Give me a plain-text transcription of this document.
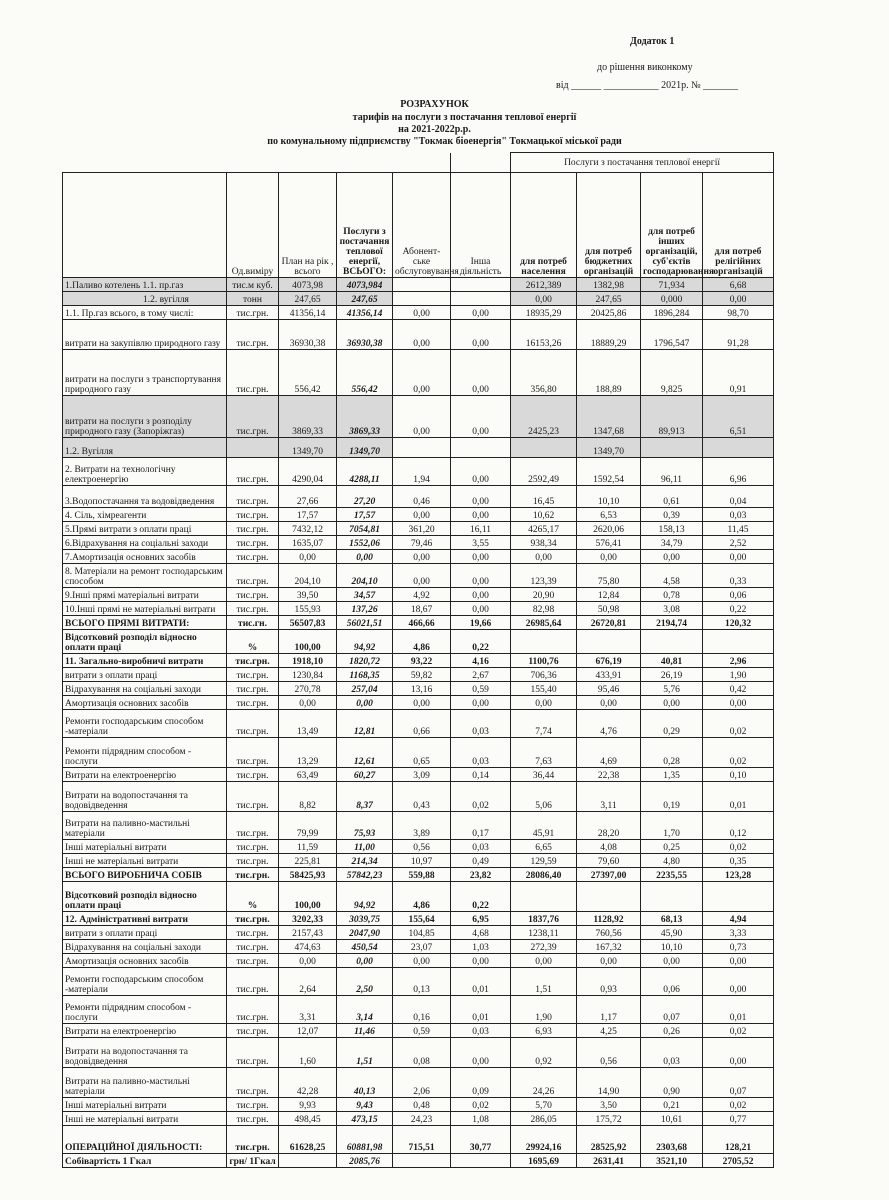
Додаток 1
до рішення виконкому
від ______ ___________ 2021р. № _______
РОЗРАХУНОК
тарифів на послуги з постачання теплової енергії
на 2021-2022р.р.
по комунальному підприємству "Токмак біоенергія" Токмацької міської ради
						Послуги з постачання теплової енергії			
	Од.виміру	План на рік , всього	Послуги з постачання теплової енергії, ВСЬОГО:	Абонент-ське обслуговування	Інша діяльність	для потреб населення	для потреб бюджетних організацій	для потреб інших організацій, суб'єктів господарювання	для потреб релігійних організацій
1.Паливо котелень 1.1. пр.газ	тис.м куб.	4073,98	4073,984			2612,389	1382,98	71,934	6,68
1.2. вугілля	тонн	247,65	247,65			0,00	247,65	0,000	0,00
1.1. Пр.газ всього, в тому числі:	тис.грн.	41356,14	41356,14	0,00	0,00	18935,29	20425,86	1896,284	98,70
витрати на закупівлю природного газу	тис.грн.	36930,38	36930,38	0,00	0,00	16153,26	18889,29	1796,547	91,28
витрати на послуги з транспортування природного газу	тис.грн.	556,42	556,42	0,00	0,00	356,80	188,89	9,825	0,91
витрати на послуги з розподілу природного газу (Запоріжгаз)	тис.грн.	3869,33	3869,33	0,00	0,00	2425,23	1347,68	89,913	6,51
1.2. Вугілля		1349,70	1349,70				1349,70		
2. Витрати на технологічну електроенергію	тис.грн.	4290,04	4288,11	1,94	0,00	2592,49	1592,54	96,11	6,96
3.Водопостачання та водовідведення	тис.грн.	27,66	27,20	0,46	0,00	16,45	10,10	0,61	0,04
4. Сіль, хімреагенти	тис.грн.	17,57	17,57	0,00	0,00	10,62	6,53	0,39	0,03
5.Прямі витрати з оплати праці	тис.грн.	7432,12	7054,81	361,20	16,11	4265,17	2620,06	158,13	11,45
6.Відрахування на соціальні заходи	тис.грн.	1635,07	1552,06	79,46	3,55	938,34	576,41	34,79	2,52
7.Амортизація основних засобів	тис.грн.	0,00	0,00	0,00	0,00	0,00	0,00	0,00	0,00
8. Матеріали на ремонт господарським способом	тис.грн.	204,10	204,10	0,00	0,00	123,39	75,80	4,58	0,33
9.Інші прямі матеріальні витрати	тис.грн.	39,50	34,57	4,92	0,00	20,90	12,84	0,78	0,06
10.Інші прямі не матеріальні витрати	тис.грн.	155,93	137,26	18,67	0,00	82,98	50,98	3,08	0,22
ВСЬОГО ПРЯМІ ВИТРАТИ:	тис.гн.	56507,83	56021,51	466,66	19,66	26985,64	26720,81	2194,74	120,32
Відсотковий розподіл відносно оплати праці	%	100,00	94,92	4,86	0,22				
11. Загально-виробничі витрати	тис.грн.	1918,10	1820,72	93,22	4,16	1100,76	676,19	40,81	2,96
витрати з оплати праці	тис.грн.	1230,84	1168,35	59,82	2,67	706,36	433,91	26,19	1,90
Відрахування на соціальні заходи	тис.грн.	270,78	257,04	13,16	0,59	155,40	95,46	5,76	0,42
Амортизація основних засобів	тис.грн.	0,00	0,00	0,00	0,00	0,00	0,00	0,00	0,00
Ремонти господарським способом -матеріали	тис.грн.	13,49	12,81	0,66	0,03	7,74	4,76	0,29	0,02
Ремонти підрядним способом - послуги	тис.грн.	13,29	12,61	0,65	0,03	7,63	4,69	0,28	0,02
Витрати на електроенергію	тис.грн.	63,49	60,27	3,09	0,14	36,44	22,38	1,35	0,10
Витрати на водопостачання та водовідведення	тис.грн.	8,82	8,37	0,43	0,02	5,06	3,11	0,19	0,01
Витрати на паливно-мастильні матеріали	тис.грн.	79,99	75,93	3,89	0,17	45,91	28,20	1,70	0,12
Інші матеріальні витрати	тис.грн.	11,59	11,00	0,56	0,03	6,65	4,08	0,25	0,02
Інші не матеріальні витрати	тис.грн.	225,81	214,34	10,97	0,49	129,59	79,60	4,80	0,35
ВСЬОГО ВИРОБНИЧА СОБІВ	тис.грн.	58425,93	57842,23	559,88	23,82	28086,40	27397,00	2235,55	123,28
Відсотковий розподіл відносно оплати праці	%	100,00	94,92	4,86	0,22				
12. Адміністративні витрати	тис.грн.	3202,33	3039,75	155,64	6,95	1837,76	1128,92	68,13	4,94
витрати з оплати праці	тис.грн.	2157,43	2047,90	104,85	4,68	1238,11	760,56	45,90	3,33
Відрахування на соціальні заходи	тис.грн.	474,63	450,54	23,07	1,03	272,39	167,32	10,10	0,73
Амортизація основних засобів	тис.грн.	0,00	0,00	0,00	0,00	0,00	0,00	0,00	0,00
Ремонти господарським способом -матеріали	тис.грн.	2,64	2,50	0,13	0,01	1,51	0,93	0,06	0,00
Ремонти підрядним способом - послуги	тис.грн.	3,31	3,14	0,16	0,01	1,90	1,17	0,07	0,01
Витрати на електроенергію	тис.грн.	12,07	11,46	0,59	0,03	6,93	4,25	0,26	0,02
Витрати на водопостачання та водовідведення	тис.грн.	1,60	1,51	0,08	0,00	0,92	0,56	0,03	0,00
Витрати на паливно-мастильні матеріали	тис.грн.	42,28	40,13	2,06	0,09	24,26	14,90	0,90	0,07
Інші матеріальні витрати	тис.грн.	9,93	9,43	0,48	0,02	5,70	3,50	0,21	0,02
Інші не матеріальні витрати	тис.грн.	498,45	473,15	24,23	1,08	286,05	175,72	10,61	0,77
ОПЕРАЦІЙНОЇ ДІЯЛЬНОСТІ:	тис.грн.	61628,25	60881,98	715,51	30,77	29924,16	28525,92	2303,68	128,21
Собівартість 1 Гкал	грн/ 1Гкал		2085,76			1695,69	2631,41	3521,10	2705,52
